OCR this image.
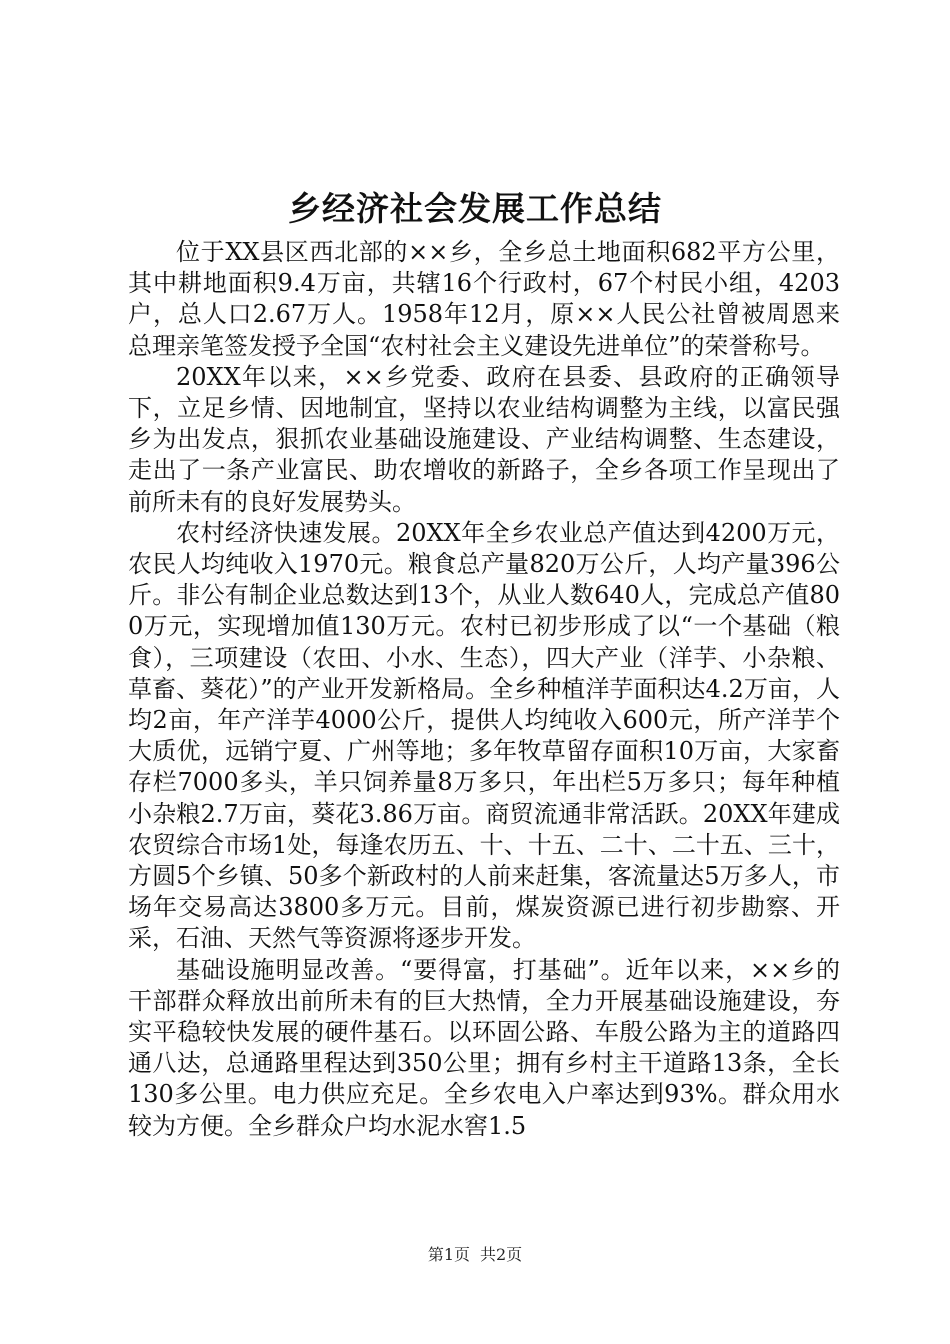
乡经济社会发展工作总结

位于XX县区西北部的××乡，全乡总土地面积682平方公里，其中耕地面积9.4万亩，共辖16个行政村，67个村民小组，4203户，总人口2.67万人。1958年12月，原××人民公社曾被周恩来总理亲笔签发授予全国“农村社会主义建设先进单位”的荣誉称号。

20XX年以来，××乡党委、政府在县委、县政府的正确领导下，立足乡情、因地制宜，坚持以农业结构调整为主线，以富民强乡为出发点，狠抓农业基础设施建设、产业结构调整、生态建设，走出了一条产业富民、助农增收的新路子，全乡各项工作呈现出了前所未有的良好发展势头。

农村经济快速发展。20XX年全乡农业总产值达到4200万元，农民人均纯收入1970元。粮食总产量820万公斤，人均产量396公斤。非公有制企业总数达到13个，从业人数640人，完成总产值800万元，实现增加值130万元。农村已初步形成了以“一个基础（粮食），三项建设（农田、小水、生态），四大产业（洋芋、小杂粮、草畜、葵花）”的产业开发新格局。全乡种植洋芋面积达4.2万亩，人均2亩，年产洋芋4000公斤，提供人均纯收入600元，所产洋芋个大质优，远销宁夏、广州等地；多年牧草留存面积10万亩，大家畜存栏7000多头，羊只饲养量8万多只，年出栏5万多只；每年种植小杂粮2.7万亩，葵花3.86万亩。商贸流通非常活跃。20XX年建成农贸综合市场1处，每逢农历五、十、十五、二十、二十五、三十，方圆5个乡镇、50多个新政村的人前来赶集，客流量达5万多人，市场年交易高达3800多万元。目前，煤炭资源已进行初步勘察、开采，石油、天然气等资源将逐步开发。

基础设施明显改善。“要得富，打基础”。近年以来，××乡的干部群众释放出前所未有的巨大热情，全力开展基础设施建设，夯实平稳较快发展的硬件基石。以环固公路、车殷公路为主的道路四通八达，总通路里程达到350公里；拥有乡村主干道路13条，全长130多公里。电力供应充足。全乡农电入户率达到93%。群众用水较为方便。全乡群众户均水泥水窖1.5

第1页 共2页
